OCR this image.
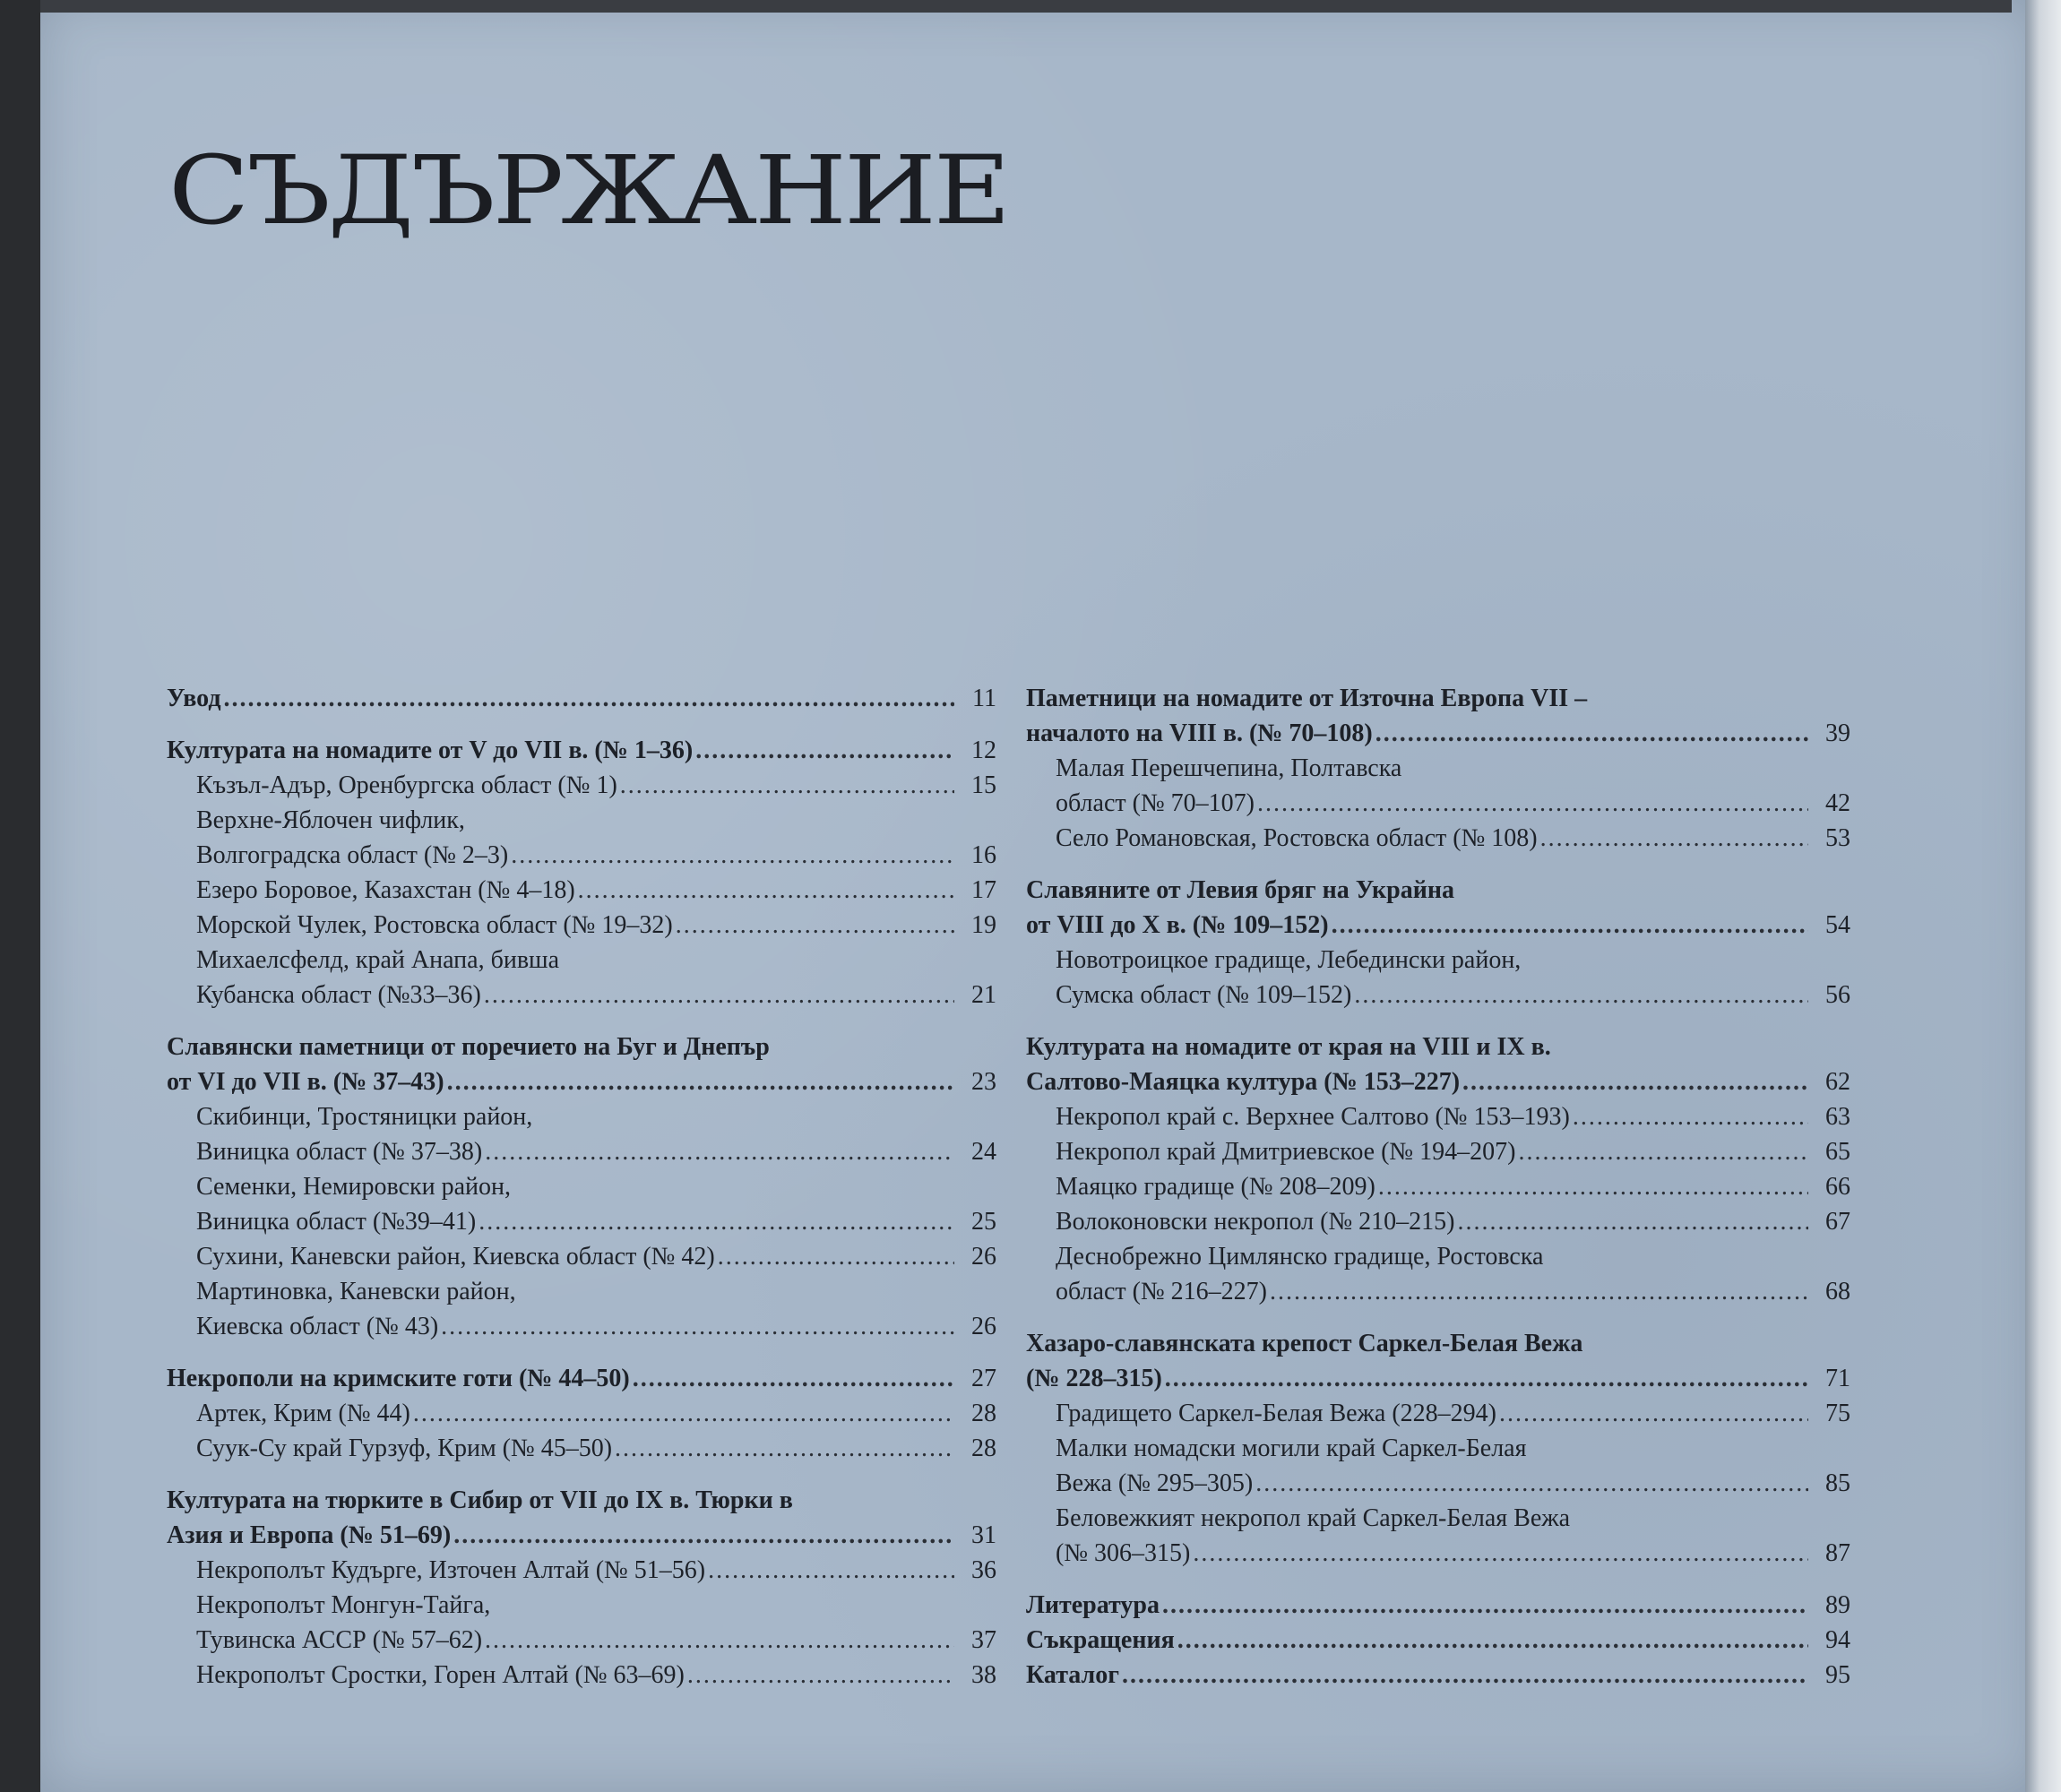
СЪДЪРЖАНИЕ
Увод .....	11
Културата на номадите от V до VII в. (№ 1–36) .....	12
Къзъл-Адър, Оренбургска област (№ 1) .....	15
Верхне-Яблочен чифлик,
Волгоградска област (№ 2–3) .....	16
Езеро Боровое, Казахстан (№ 4–18) .....	17
Морской Чулек, Ростовска област (№ 19–32) .....	19
Михаелсфелд, край Анапа, бивша
Кубанска област (№33–36) .....	21
Славянски паметници от поречието на Буг и Днепър
от VI до VII в. (№ 37–43) .....	23
Скибинци, Тростяницки район,
Виницка област (№ 37–38) .....	24
Семенки, Немировски район,
Виницка област (№39–41) .....	25
Сухини, Каневски район, Киевска област (№ 42) .....	26
Мартиновка, Каневски район,
Киевска област (№ 43) .....	26
Некрополи на кримските готи (№ 44–50) .....	27
Артек, Крим (№ 44) .....	28
Суук-Су край Гурзуф, Крим (№ 45–50) .....	28
Културата на тюрките в Сибир от VII до IX в. Тюрки в
Азия и Европа (№ 51–69) .....	31
Некрополът Кудърге, Източен Алтай (№ 51–56) .....	36
Некрополът Монгун-Тайга,
Тувинска АССР (№ 57–62) .....	37
Некрополът Сростки, Горен Алтай (№ 63–69) .....	38
Паметници на номадите от Източна Европа VII –
началото на VIII в. (№ 70–108) .....	39
Малая Перешчепина, Полтавска
област (№ 70–107) .....	42
Село Романовская, Ростовска област (№ 108) .....	53
Славяните от Левия бряг на Украйна
от VIII до X в. (№ 109–152) .....	54
Новотроицкое градище, Лебедински район,
Сумска област (№ 109–152) .....	56
Културата на номадите от края на VIII и IX в.
Салтово-Маяцка култура (№ 153–227) .....	62
Некропол край с. Верхнее Салтово (№ 153–193) .....	63
Некропол край Дмитриевское (№ 194–207) .....	65
Маяцко градище (№ 208–209) .....	66
Волоконовски некропол (№ 210–215) .....	67
Деснобрежно Цимлянско градище, Ростовска
област (№ 216–227) .....	68
Хазаро-славянската крепост Саркел-Белая Вежа
(№ 228–315) .....	71
Градището Саркел-Белая Вежа (228–294) .....	75
Малки номадски могили край Саркел-Белая
Вежа (№ 295–305) .....	85
Беловежкият некропол край Саркел-Белая Вежа
(№ 306–315) .....	87
Литература .....	89
Съкращения .....	94
Каталог .....	95
